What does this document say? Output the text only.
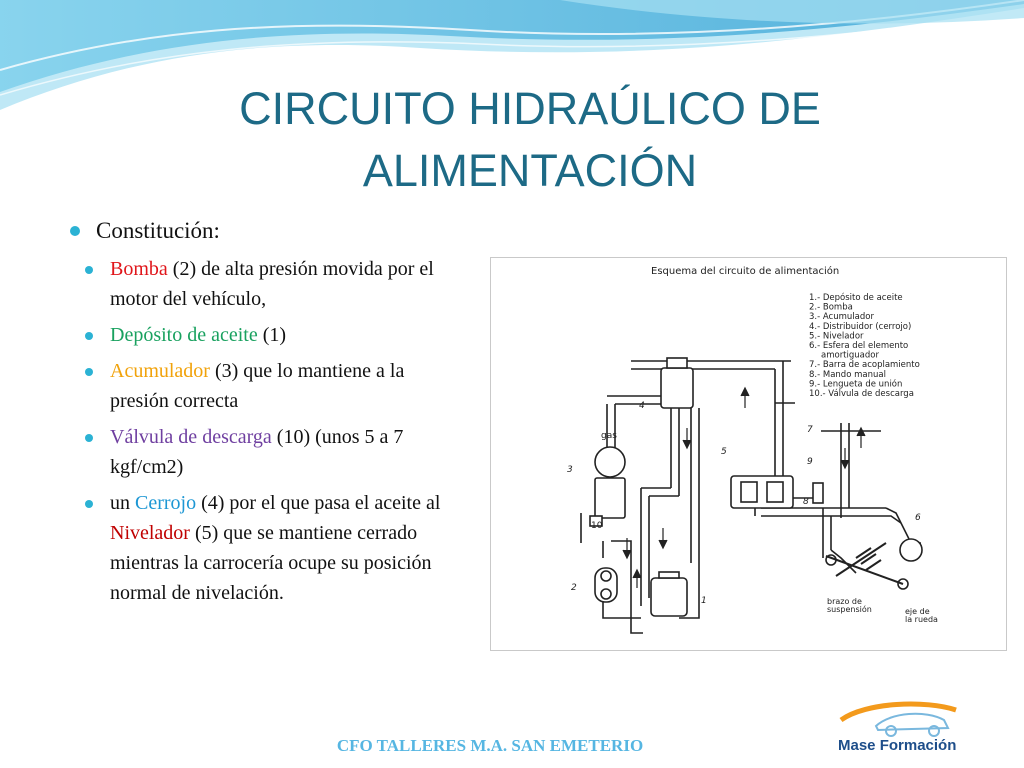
CIRCUITO HIDRAÚLICO DE
ALIMENTACIÓN
Constitución:
Bomba (2) de alta presión movida por el motor del vehículo,
Depósito de aceite (1)
Acumulador (3) que lo mantiene a la presión correcta
Válvula de descarga (10) (unos 5 a 7 kgf/cm2)
un Cerrojo (4) por el que pasa el aceite al Nivelador (5) que se mantiene cerrado mientras la carrocería ocupe su posición normal de nivelación.
Esquema del circuito de alimentación
1.- Depósito de aceite
2.- Bomba
3.- Acumulador
4.- Distribuidor (cerrojo)
5.- Nivelador
6.- Esfera del elemento
amortiguador
7.- Barra de acoplamiento
8.- Mando manual
9.- Lengueta de unión
10.- Válvula de descarga
gas
1
2
3
4
5
6
7
8
9
10
brazo de
suspensión	eje de
la rueda
CFO TALLERES M.A. SAN EMETERIO	Mase Formación
